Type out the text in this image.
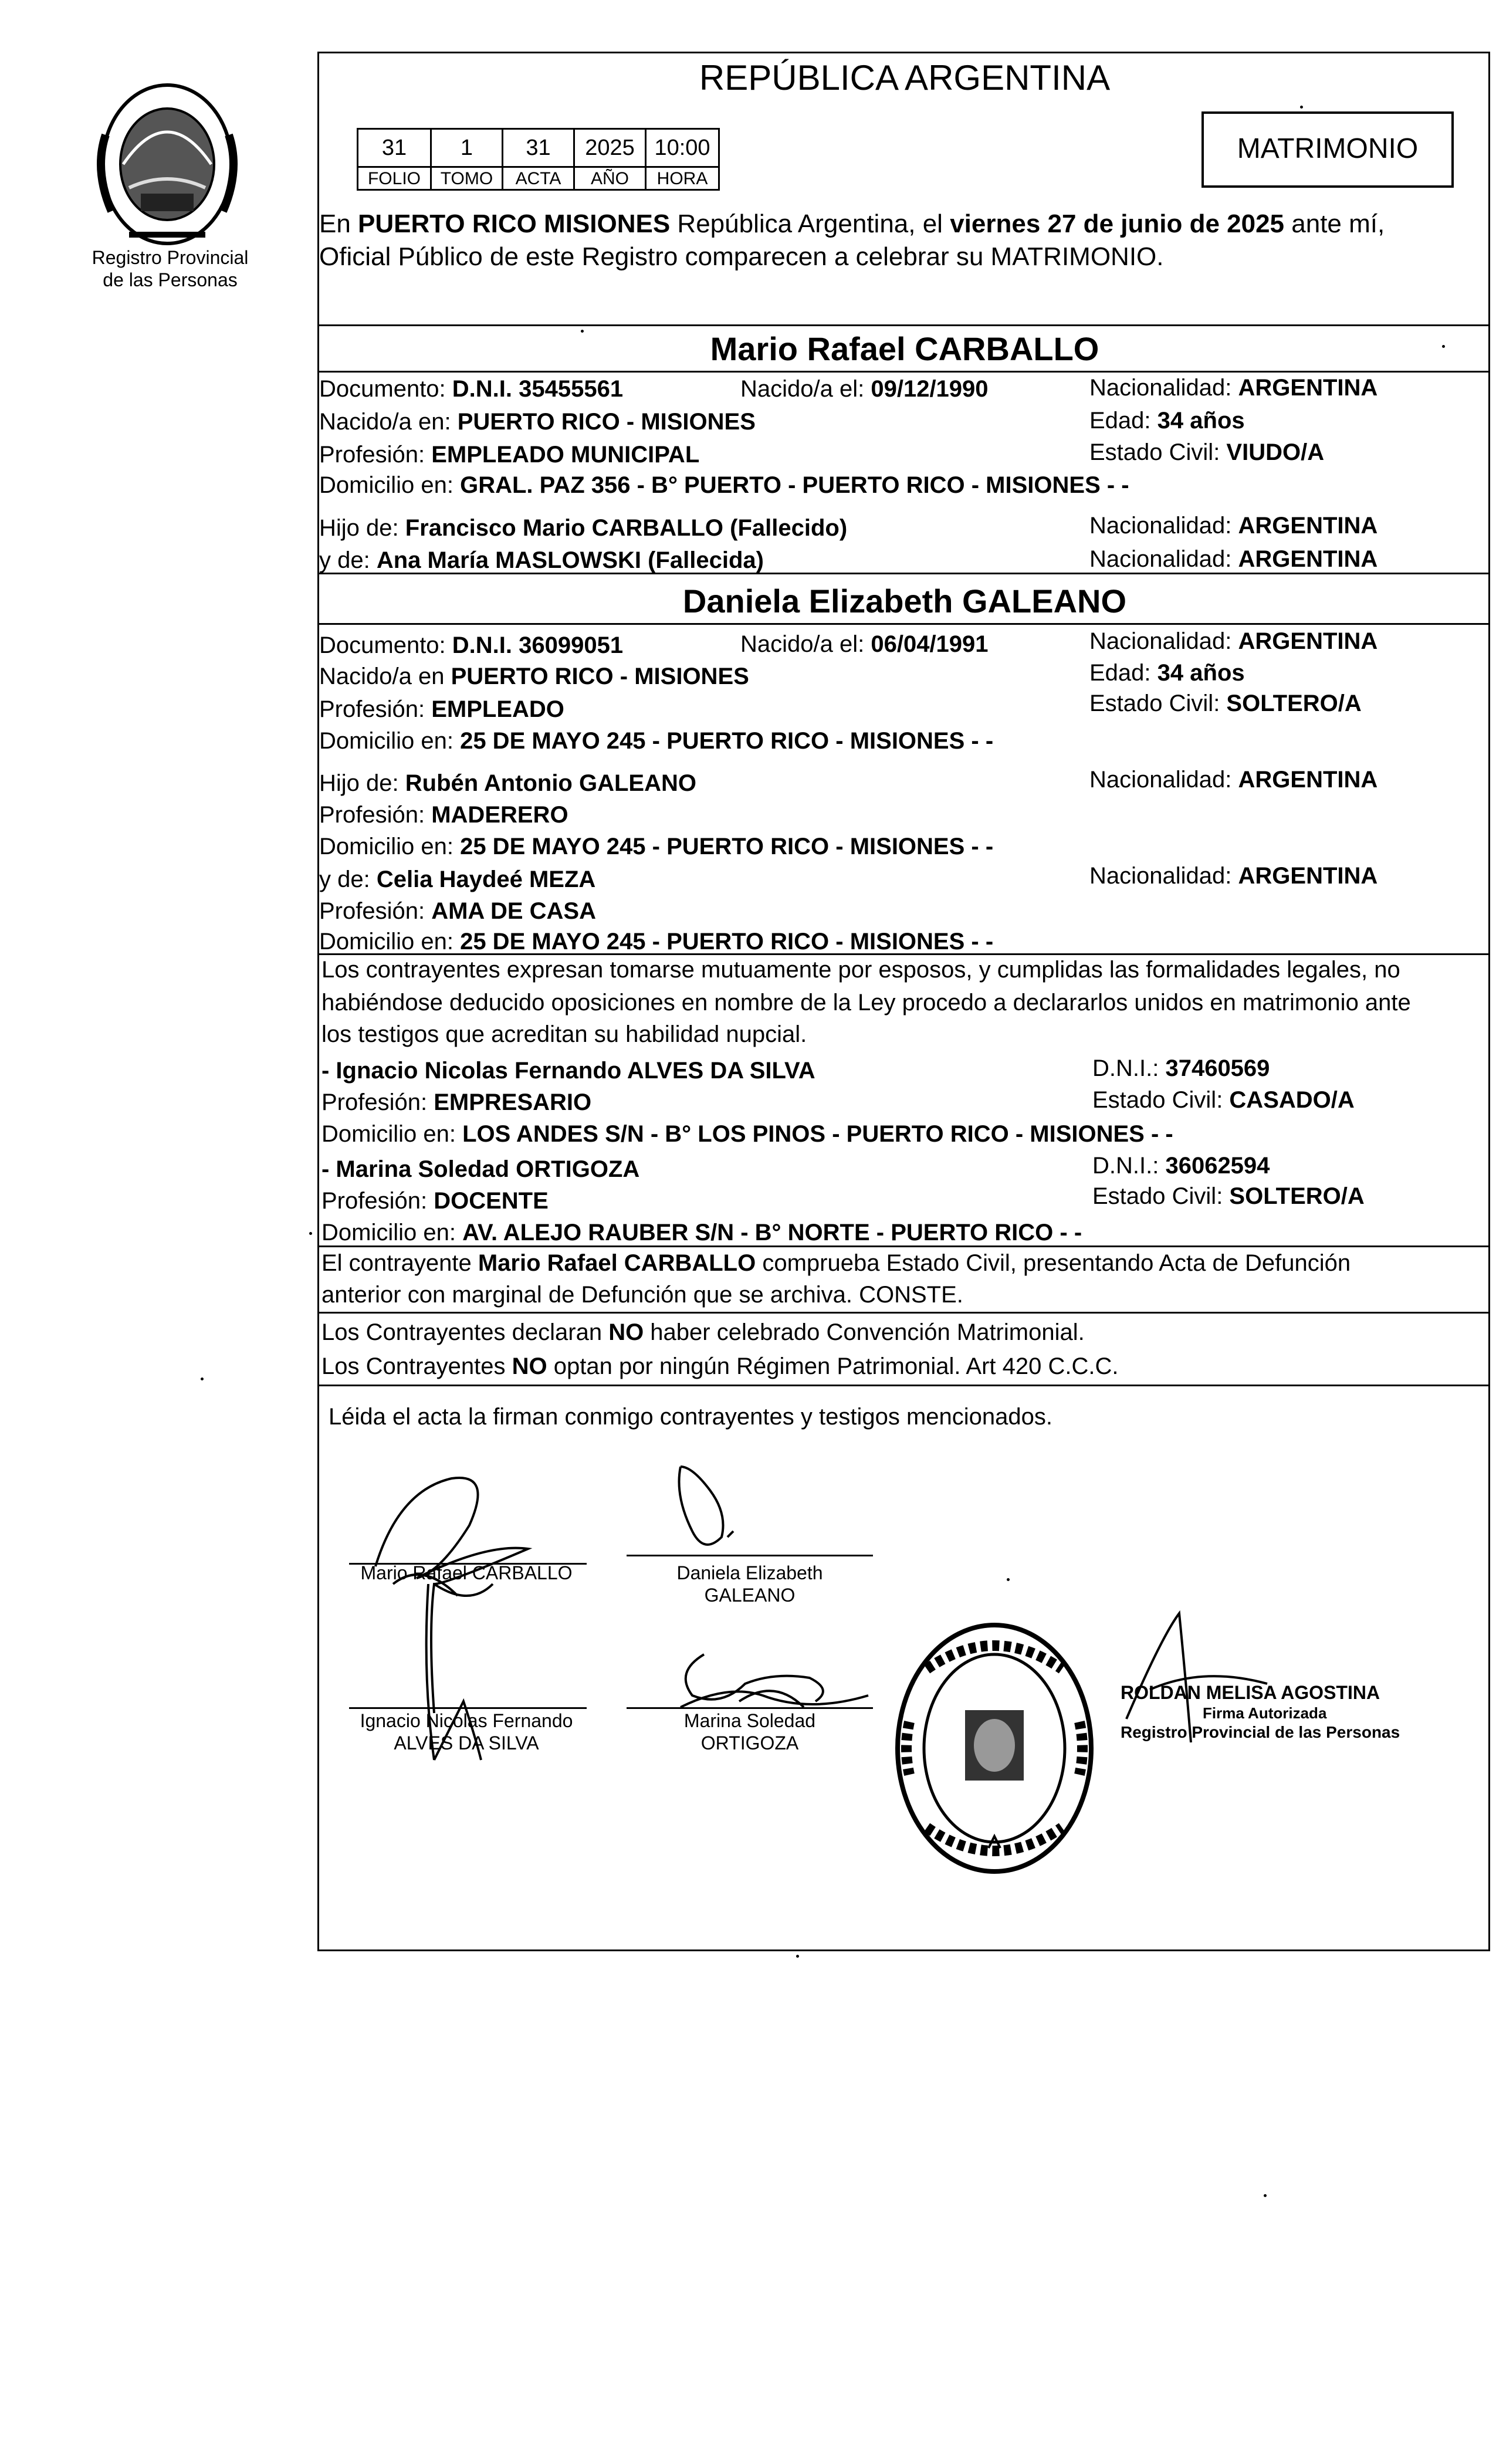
Registro Provincial
de las Personas
REPÚBLICA ARGENTINA
31	1	31	2025 10:00
FOLIO	TOMO	ACTA	AÑO	HORA
MATRIMONIO
En PUERTO RICO MISIONES República Argentina, el viernes 27 de junio de 2025 ante mí,
Oficial Público de este Registro comparecen a celebrar su MATRIMONIO.
Mario Rafael CARBALLO
Documento: D.N.I. 35455561	Nacido/a el: 09/12/1990	Nacionalidad: ARGENTINA
Nacido/a en: PUERTO RICO - MISIONES	Edad: 34 años
Profesión: EMPLEADO MUNICIPAL	Estado Civil: VIUDO/A
Domicilio en: GRAL. PAZ 356 - B° PUERTO - PUERTO RICO - MISIONES - -
Hijo de: Francisco Mario CARBALLO (Fallecido)	Nacionalidad: ARGENTINA
y de: Ana María MASLOWSKI (Fallecida)	Nacionalidad: ARGENTINA
Daniela Elizabeth GALEANO
Documento: D.N.I. 36099051	Nacido/a el: 06/04/1991	Nacionalidad: ARGENTINA
Nacido/a en PUERTO RICO - MISIONES	Edad: 34 años
Profesión: EMPLEADO	Estado Civil: SOLTERO/A
Domicilio en: 25 DE MAYO 245 - PUERTO RICO - MISIONES - -
Hijo de: Rubén Antonio GALEANO	Nacionalidad: ARGENTINA
Profesión: MADERERO
Domicilio en: 25 DE MAYO 245 - PUERTO RICO - MISIONES - -
y de: Celia Haydeé MEZA	Nacionalidad: ARGENTINA
Profesión: AMA DE CASA
Domicilio en: 25 DE MAYO 245 - PUERTO RICO - MISIONES - -
Los contrayentes expresan tomarse mutuamente por esposos, y cumplidas las formalidades legales, no
habiéndose deducido oposiciones en nombre de la Ley procedo a declararlos unidos en matrimonio ante
los testigos que acreditan su habilidad nupcial.
- Ignacio Nicolas Fernando ALVES DA SILVA	D.N.I.: 37460569
Profesión: EMPRESARIO	Estado Civil: CASADO/A
Domicilio en: LOS ANDES S/N - B° LOS PINOS - PUERTO RICO - MISIONES - -
- Marina Soledad ORTIGOZA	D.N.I.: 36062594
Profesión: DOCENTE	Estado Civil: SOLTERO/A
Domicilio en: AV. ALEJO RAUBER S/N - B° NORTE - PUERTO RICO - -
El contrayente Mario Rafael CARBALLO comprueba Estado Civil, presentando Acta de Defunción
anterior con marginal de Defunción que se archiva. CONSTE.
Los Contrayentes declaran NO haber celebrado Convención Matrimonial.
Los Contrayentes NO optan por ningún Régimen Patrimonial. Art 420 C.C.C.
Léida el acta la firman conmigo contrayentes y testigos mencionados.
Mario Rafael CARBALLO	Daniela Elizabeth
GALEANO
Ignacio Nicolas Fernando
ALVES DA SILVA
Marina Soledad
ORTIGOZA
ROLDAN MELISA AGOSTINA
Firma Autorizada
Registro Provincial de las Personas
